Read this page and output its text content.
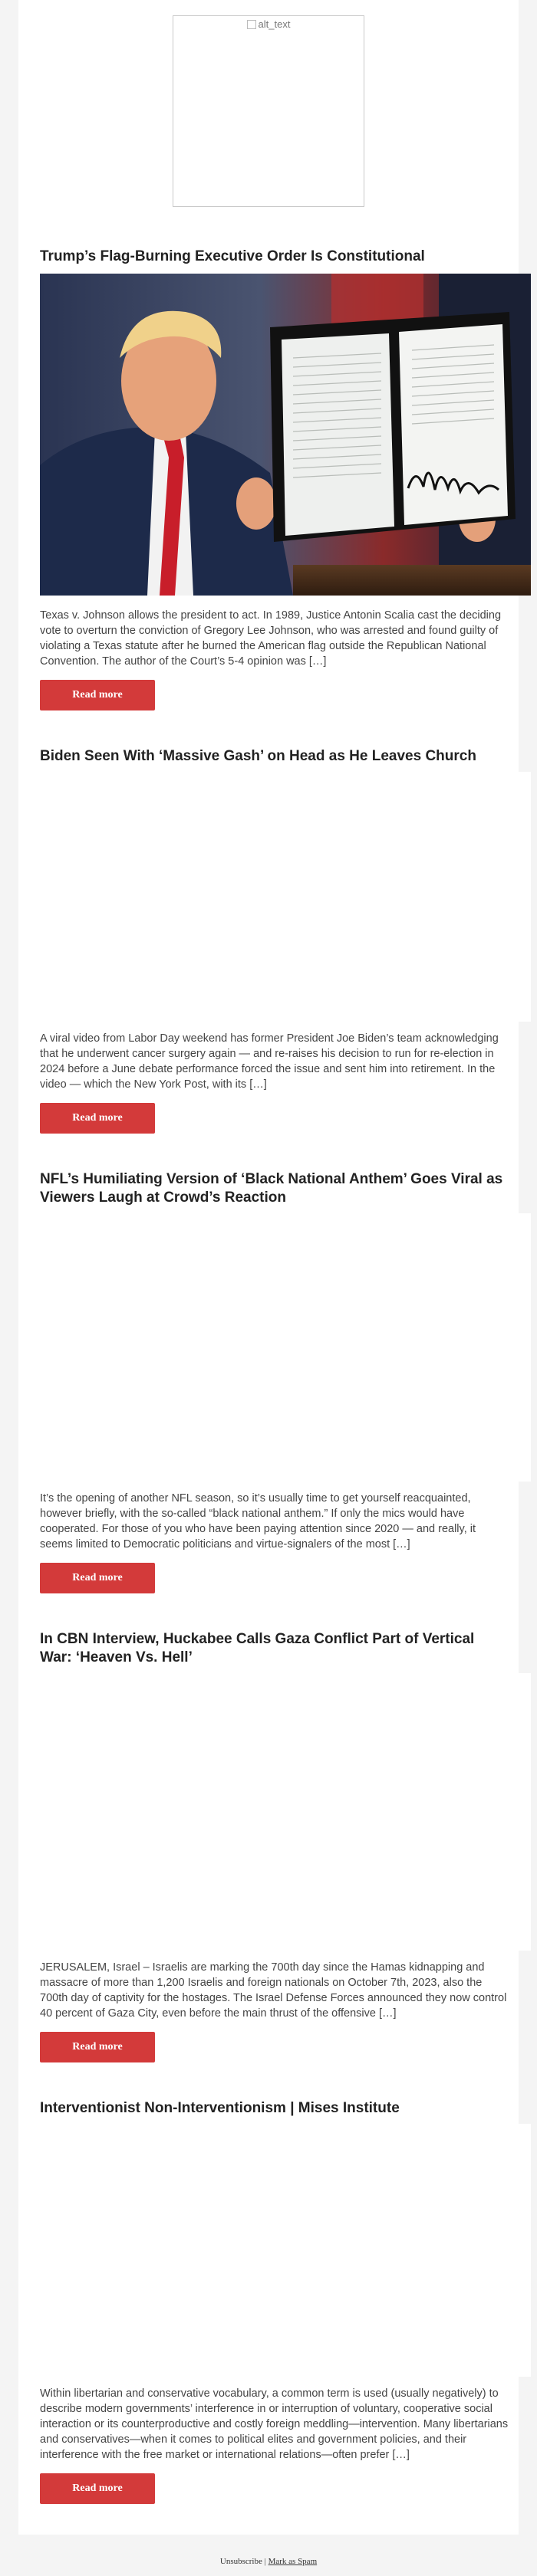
alt_text
Trump’s Flag-Burning Executive Order Is Constitutional

Texas v. Johnson allows the president to act. In 1989, Justice Antonin Scalia cast the deciding vote to overturn the conviction of Gregory Lee Johnson, who was arrested and found guilty of violating a Texas statute after he burned the American flag outside the Republican National Convention. The author of the Court’s 5-4 opinion was […]

Read more
Biden Seen With ‘Massive Gash’ on Head as He Leaves Church

A viral video from Labor Day weekend has former President Joe Biden’s team acknowledging that he underwent cancer surgery again — and re-raises his decision to run for re-election in 2024 before a June debate performance forced the issue and sent him into retirement. In the video — which the New York Post, with its […]

Read more
NFL’s Humiliating Version of ‘Black National Anthem’ Goes Viral as Viewers Laugh at Crowd’s Reaction

It’s the opening of another NFL season, so it’s usually time to get yourself reacquainted, however briefly, with the so-called “black national anthem.” If only the mics would have cooperated. For those of you who have been paying attention since 2020 — and really, it seems limited to Democratic politicians and virtue-signalers of the most […]

Read more
In CBN Interview, Huckabee Calls Gaza Conflict Part of Vertical War: ‘Heaven Vs. Hell’

JERUSALEM, Israel – Israelis are marking the 700th day since the Hamas kidnapping and massacre of more than 1,200 Israelis and foreign nationals on October 7th, 2023, also the 700th day of captivity for the hostages. The Israel Defense Forces announced they now control 40 percent of Gaza City, even before the main thrust of the offensive […]

Read more
Interventionist Non-Interventionism | Mises Institute

Within libertarian and conservative vocabulary, a common term is used (usually negatively) to describe modern governments’ interference in or interruption of voluntary, cooperative social interaction or its counterproductive and costly foreign meddling—intervention. Many libertarians and conservatives—when it comes to political elites and government policies, and their interference with the free market or international relations—often prefer […]

Read more
Unsubscribe | Mark as Spam
